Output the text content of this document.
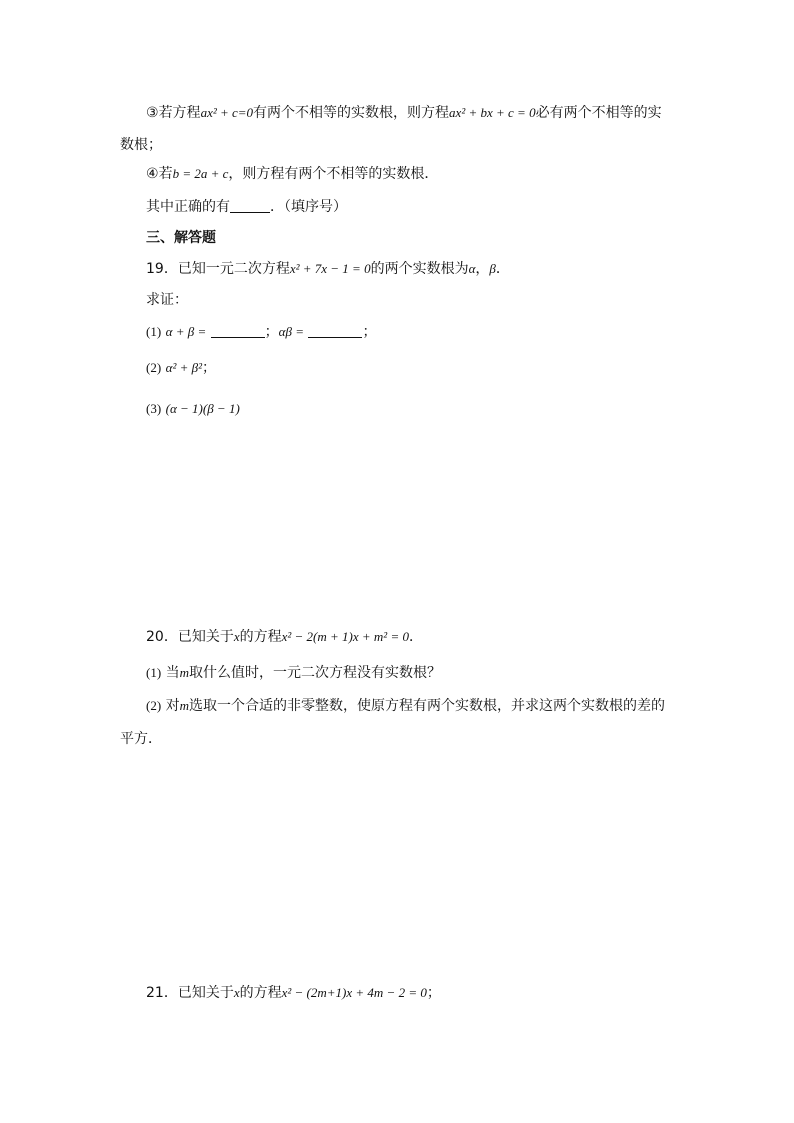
③若方程ax² + c=0有两个不相等的实数根，则方程ax² + bx + c = 0必有两个不相等的实
数根；
④若b = 2a + c，则方程有两个不相等的实数根．
其中正确的有	．（填序号）
三、解答题
19．已知一元二次方程x² + 7x − 1 = 0的两个实数根为α，β．
求证：
(1) α + β =	；αβ =	；
(2) α² + β²；
(3) (α − 1)(β − 1)
20．已知关于x的方程x² − 2(m + 1)x + m² = 0．
(1) 当m取什么值时，一元二次方程没有实数根？
(2) 对m选取一个合适的非零整数，使原方程有两个实数根，并求这两个实数根的差的
平方．
21．已知关于x的方程x² − (2m+1)x + 4m − 2 = 0；
